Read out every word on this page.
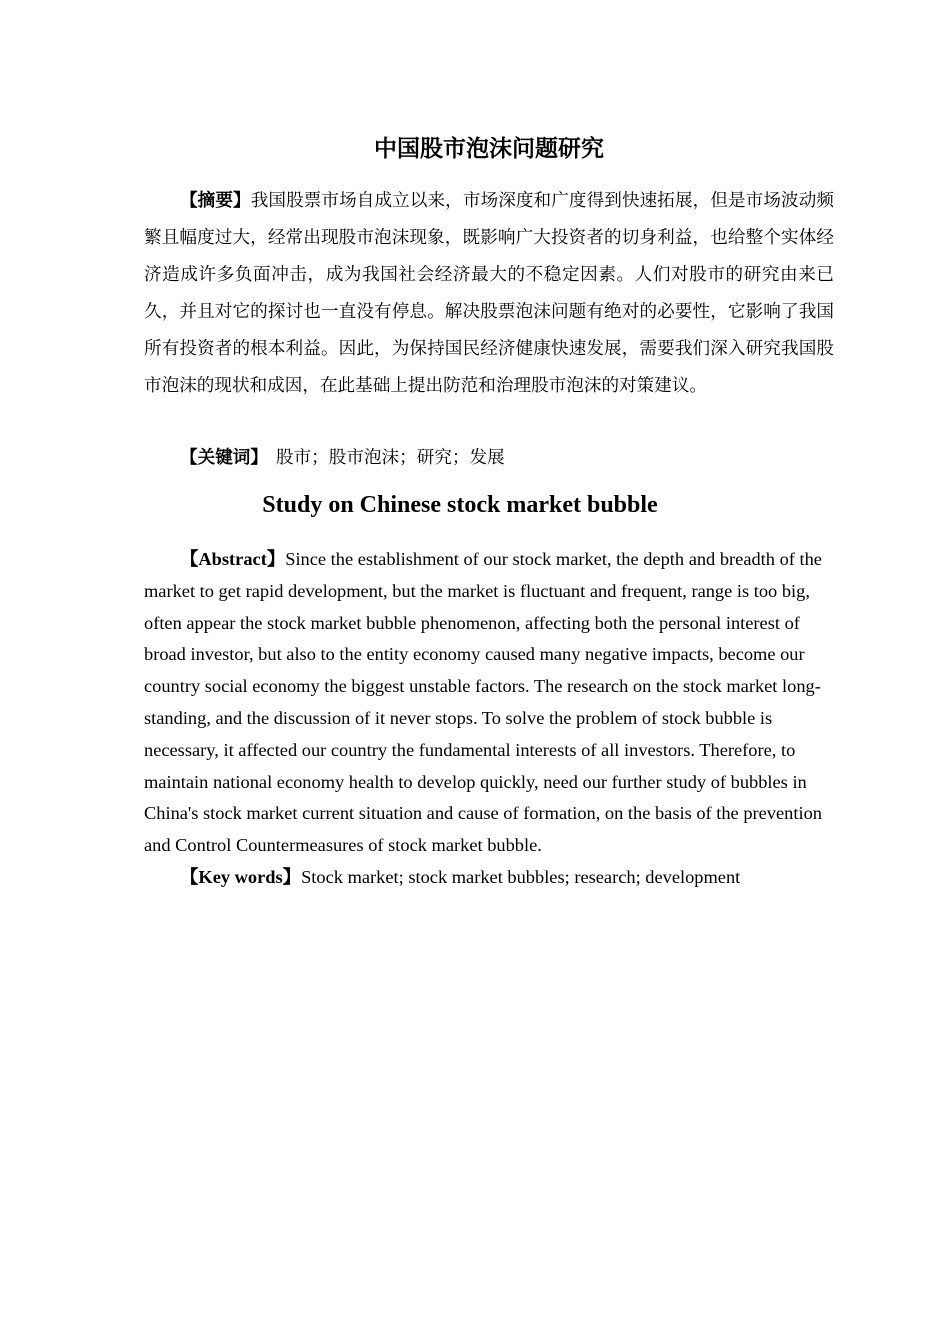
中国股市泡沫问题研究

【摘要】我国股票市场自成立以来，市场深度和广度得到快速拓展，但是市场波动频繁且幅度过大，经常出现股市泡沫现象，既影响广大投资者的切身利益，也给整个实体经济造成许多负面冲击，成为我国社会经济最大的不稳定因素。人们对股市的研究由来已久，并且对它的探讨也一直没有停息。解决股票泡沫问题有绝对的必要性，它影响了我国所有投资者的根本利益。因此，为保持国民经济健康快速发展，需要我们深入研究我国股市泡沫的现状和成因，在此基础上提出防范和治理股市泡沫的对策建议。

【关键词】 股市；股市泡沫；研究；发展

Study on Chinese stock market bubble

【Abstract】Since the establishment of our stock market, the depth and breadth of the market to get rapid development, but the market is fluctuant and frequent, range is too big, often appear the stock market bubble phenomenon, affecting both the personal interest of broad investor, but also to the entity economy caused many negative impacts, become our country social economy the biggest unstable factors. The research on the stock market long-standing, and the discussion of it never stops. To solve the problem of stock bubble is necessary, it affected our country the fundamental interests of all investors. Therefore, to maintain national economy health to develop quickly, need our further study of bubbles in China's stock market current situation and cause of formation, on the basis of the prevention and Control Countermeasures of stock market bubble.

【Key words】Stock market; stock market bubbles; research; development
